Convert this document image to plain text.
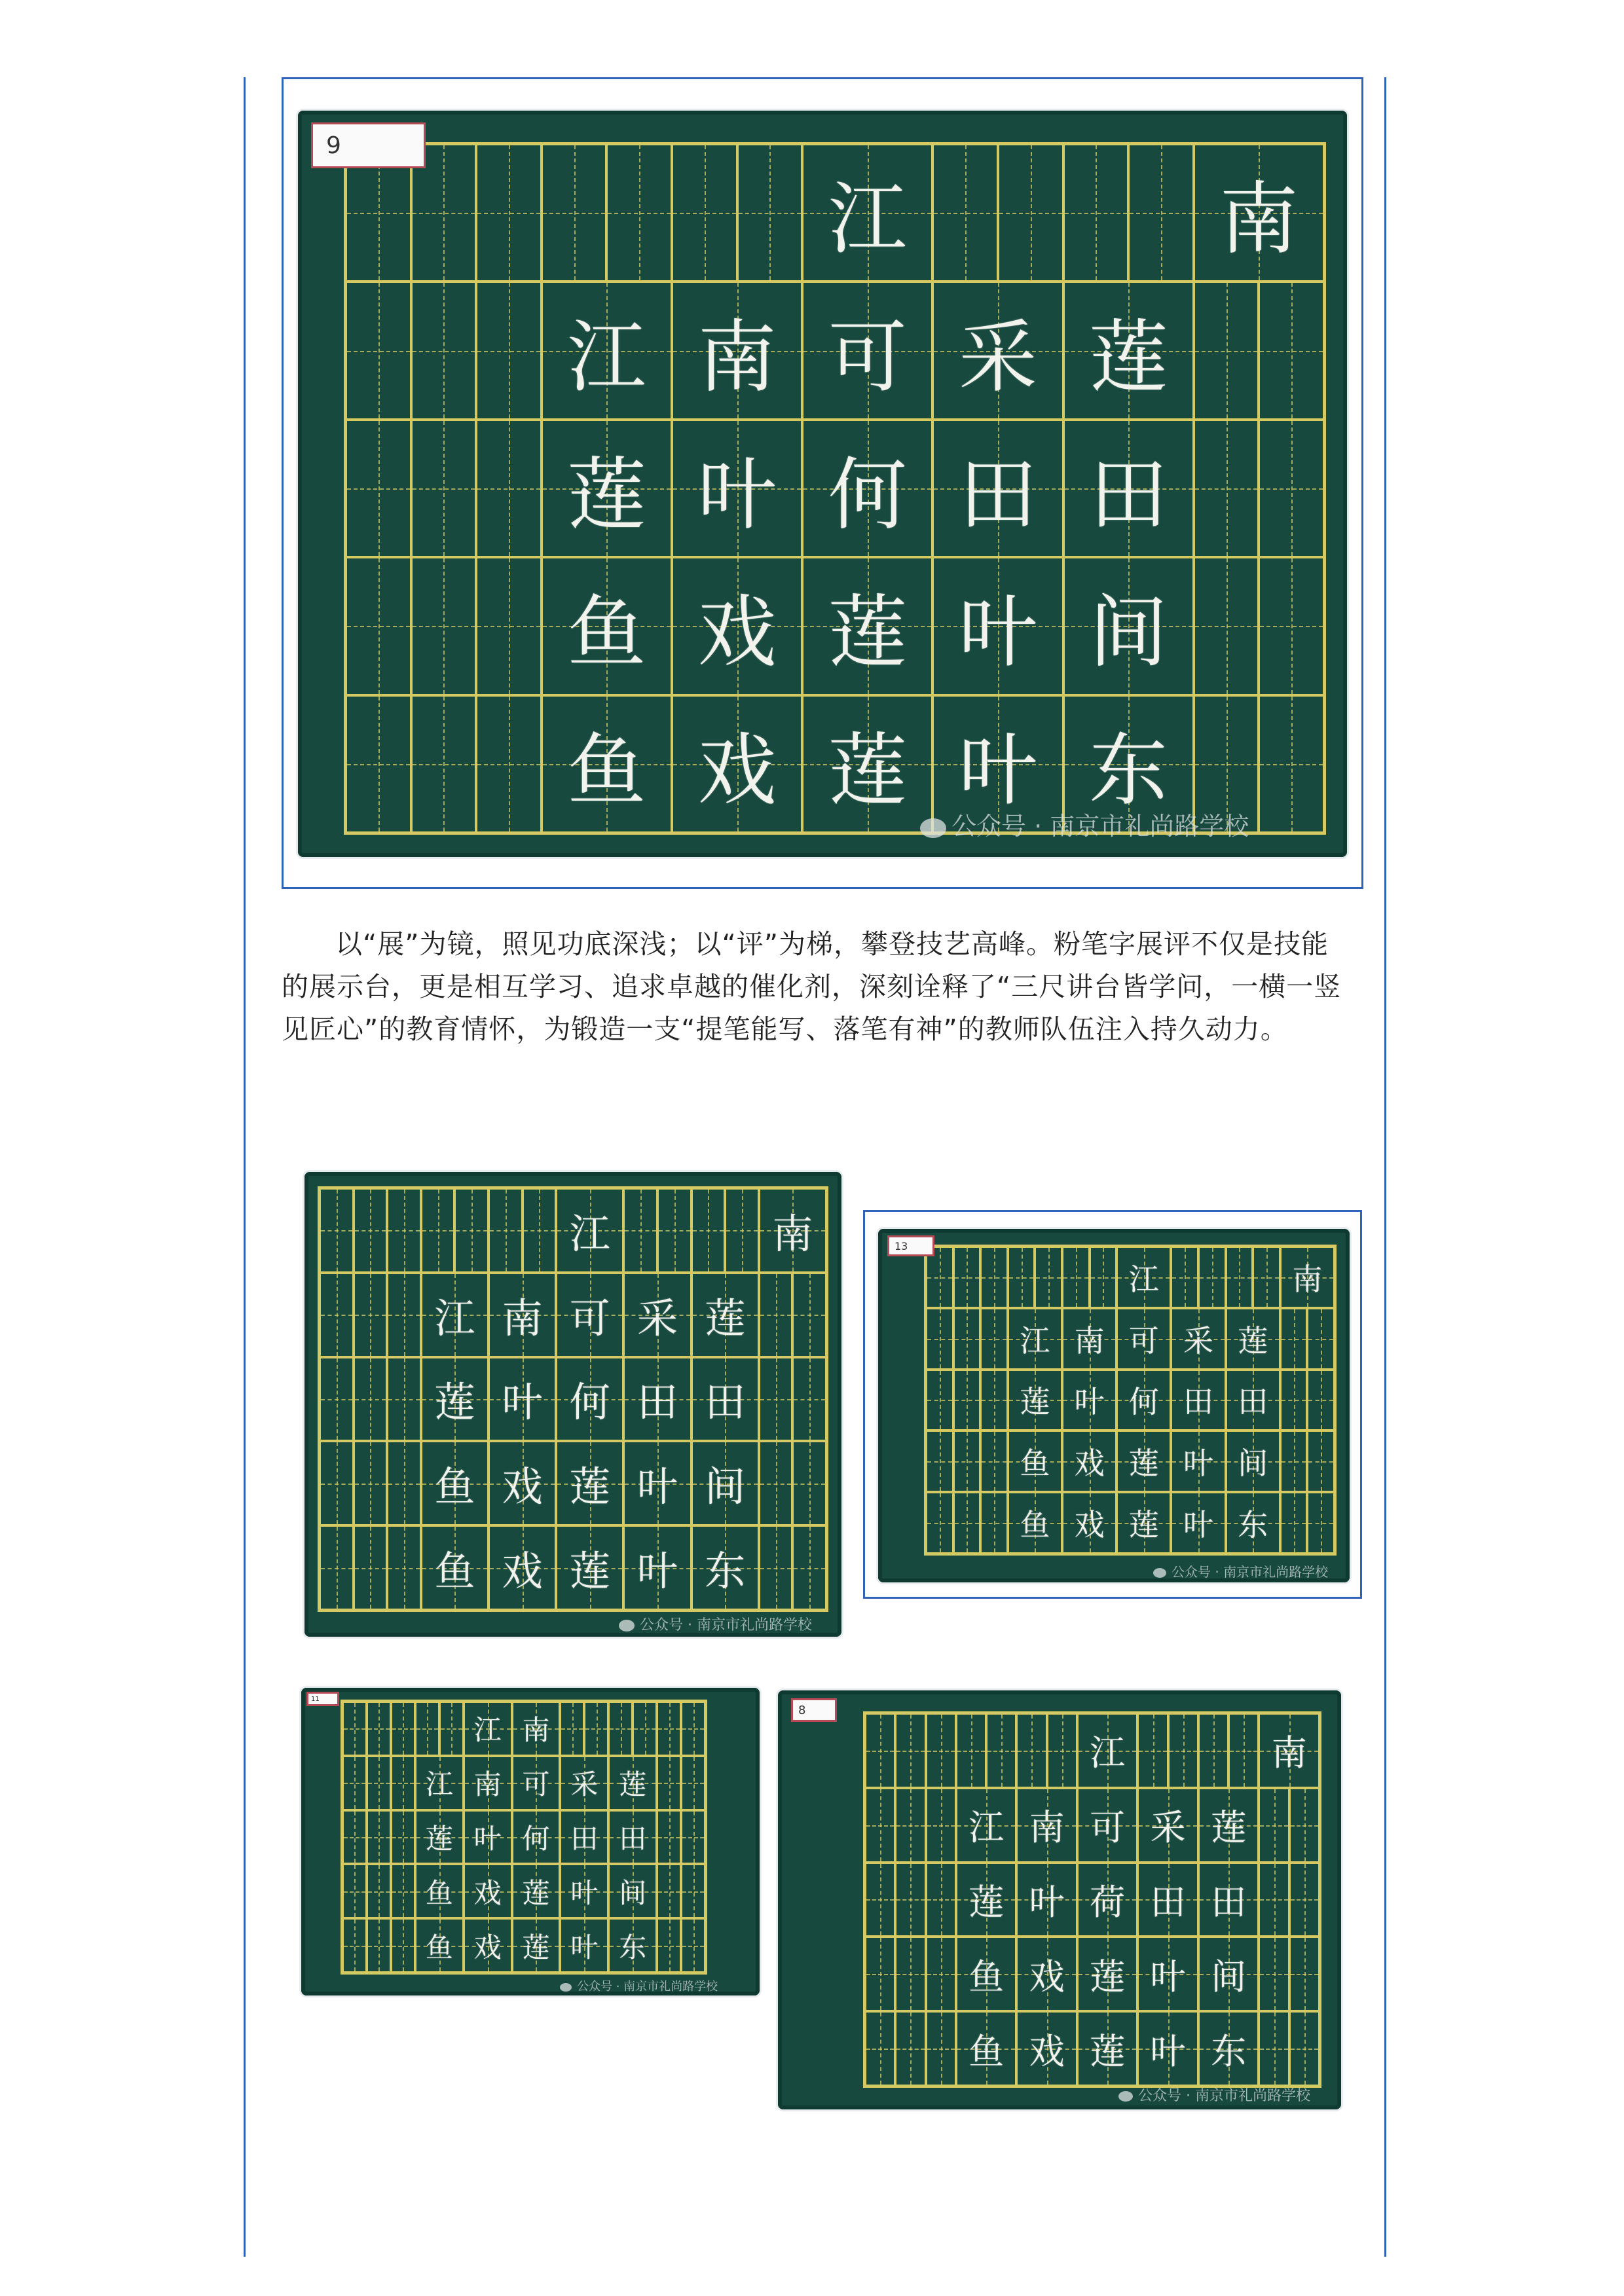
江	南
江 南 可 采 莲
莲 叶 何 田 田
鱼 戏 莲 叶 间
鱼 戏 莲 叶 东
9
公众号 · 南京市礼尚路学校
以“展”为镜，照见功底深浅；以“评”为梯，攀登技艺高峰。粉笔字展评不仅是技能的展示台，更是相互学习、追求卓越的催化剂，深刻诠释了“三尺讲台皆学问，一横一竖见匠心”的教育情怀，为锻造一支“提笔能写、落笔有神”的教师队伍注入持久动力。
江	南
江 南 可 采 莲
莲 叶 何 田 田
鱼 戏 莲 叶 间
鱼 戏 莲 叶 东
公众号 · 南京市礼尚路学校
江	南
江 南 可 采 莲
莲 叶 何 田 田
鱼 戏 莲 叶 间
鱼 戏 莲 叶 东
13
公众号 · 南京市礼尚路学校
江 南
江 南 可 采 莲
莲 叶 何 田 田
鱼 戏 莲 叶 间
鱼 戏 莲 叶 东
11
公众号 · 南京市礼尚路学校
江	南
江 南 可 采 莲
莲 叶 荷 田 田
鱼 戏 莲 叶 间
鱼 戏 莲 叶 东
8
公众号 · 南京市礼尚路学校
